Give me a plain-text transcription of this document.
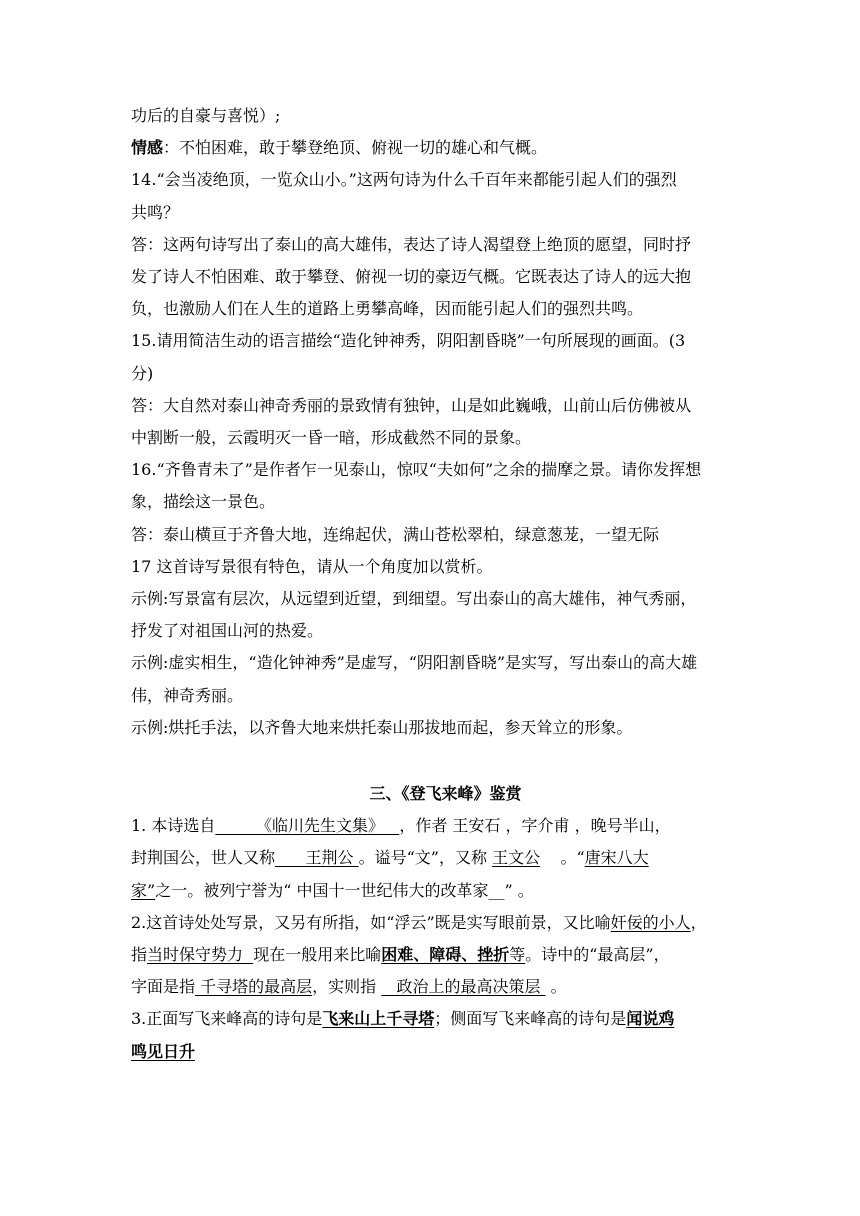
功后的自豪与喜悦）;

情感：不怕困难，敢于攀登绝顶、俯视一切的雄心和气概。

14.“会当凌绝顶，一览众山小。”这两句诗为什么千百年来都能引起人们的强烈

共鸣？

答：这两句诗写出了泰山的高大雄伟，表达了诗人渴望登上绝顶的愿望，同时抒

发了诗人不怕困难、敢于攀登、俯视一切的豪迈气概。它既表达了诗人的远大抱

负，也激励人们在人生的道路上勇攀高峰，因而能引起人们的强烈共鸣。

15.请用简洁生动的语言描绘“造化钟神秀，阴阳割昏晓”一句所展现的画面。(3

分)

答：大自然对泰山神奇秀丽的景致情有独钟，山是如此巍峨，山前山后仿佛被从

中割断一般，云霞明灭一昏一暗，形成截然不同的景象。

16.“齐鲁青未了”是作者乍一见泰山，惊叹“夫如何”之余的揣摩之景。请你发挥想

象，描绘这一景色。

答：泰山横亘于齐鲁大地，连绵起伏，满山苍松翠柏，绿意葱茏，一望无际

17 这首诗写景很有特色，请从一个角度加以赏析。

示例:写景富有层次，从远望到近望，到细望。写出泰山的高大雄伟，神气秀丽，

抒发了对祖国山河的热爱。

示例:虚实相生，“造化钟神秀”是虚写，“阴阳割昏晓”是实写，写出泰山的高大雄

伟，神奇秀丽。

示例:烘托手法，以齐鲁大地来烘托泰山那拔地而起，参天耸立的形象。

三、《登飞来峰》鉴赏

1. 本诗选自        《临川先生文集》   ，作者 王安石 ，字介甫 ，晚号半山，

封荆国公，世人又称      王荆公 。谥号“文”，又称 王文公    。“唐宋八大

家”之一。被列宁誉为“ 中国十一世纪伟大的改革家__” 。

2.这首诗处处写景，又另有所指，如“浮云”既是实写眼前景，又比喻奸佞的小人，

指当时保守势力  现在一般用来比喻困难、障碍、挫折等。诗中的“最高层”，

字面是指 千寻塔的最高层，实则指    政治上的最高决策层  。

3.正面写飞来峰高的诗句是飞来山上千寻塔；侧面写飞来峰高的诗句是闻说鸡

鸣见日升
